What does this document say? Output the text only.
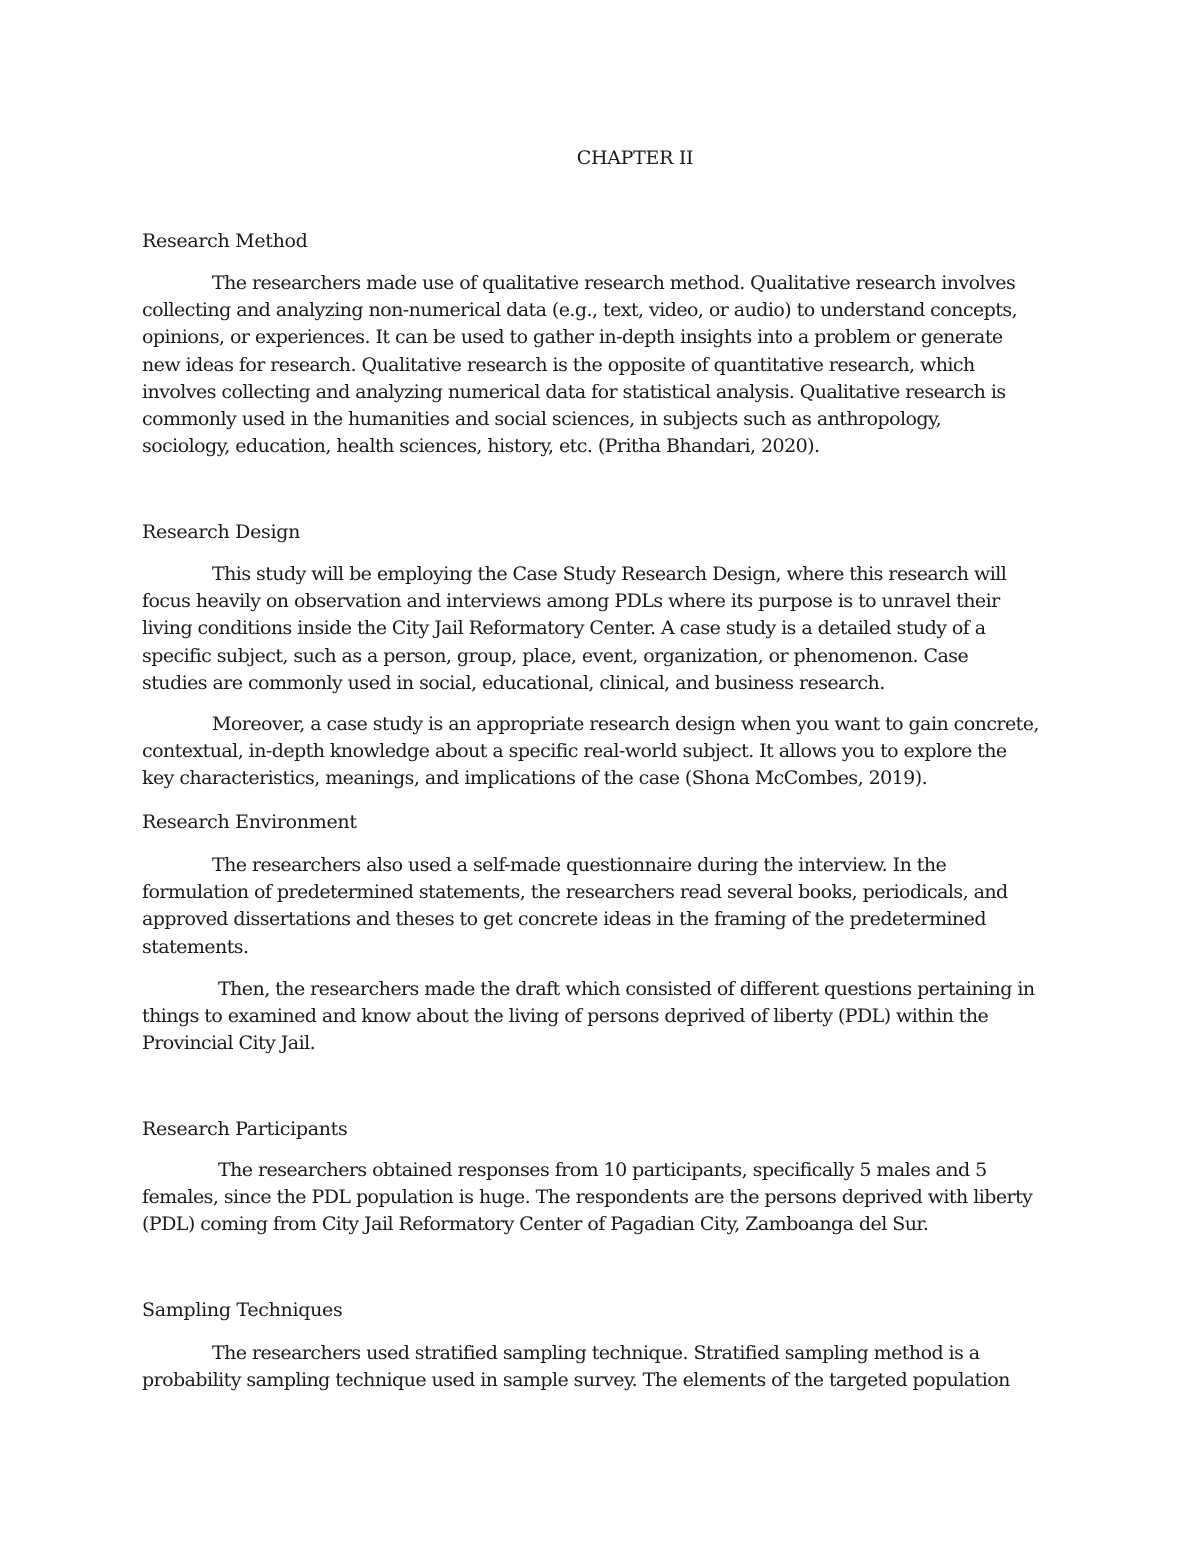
CHAPTER II
Research Method
The researchers made use of qualitative research method. Qualitative research involves
collecting and analyzing non-numerical data (e.g., text, video, or audio) to understand concepts,
opinions, or experiences. It can be used to gather in-depth insights into a problem or generate
new ideas for research. Qualitative research is the opposite of quantitative research, which
involves collecting and analyzing numerical data for statistical analysis. Qualitative research is
commonly used in the humanities and social sciences, in subjects such as anthropology,
sociology, education, health sciences, history, etc. (Pritha Bhandari, 2020).
Research Design
This study will be employing the Case Study Research Design, where this research will
focus heavily on observation and interviews among PDLs where its purpose is to unravel their
living conditions inside the City Jail Reformatory Center. A case study is a detailed study of a
specific subject, such as a person, group, place, event, organization, or phenomenon. Case
studies are commonly used in social, educational, clinical, and business research.
Moreover, a case study is an appropriate research design when you want to gain concrete,
contextual, in-depth knowledge about a specific real-world subject. It allows you to explore the
key characteristics, meanings, and implications of the case (Shona McCombes, 2019).
Research Environment
The researchers also used a self-made questionnaire during the interview. In the
formulation of predetermined statements, the researchers read several books, periodicals, and
approved dissertations and theses to get concrete ideas in the framing of the predetermined
statements.
Then, the researchers made the draft which consisted of different questions pertaining in
things to examined and know about the living of persons deprived of liberty (PDL) within the
Provincial City Jail.
Research Participants
The researchers obtained responses from 10 participants, specifically 5 males and 5
females, since the PDL population is huge. The respondents are the persons deprived with liberty
(PDL) coming from City Jail Reformatory Center of Pagadian City, Zamboanga del Sur.
Sampling Techniques
The researchers used stratified sampling technique. Stratified sampling method is a
probability sampling technique used in sample survey. The elements of the targeted population
